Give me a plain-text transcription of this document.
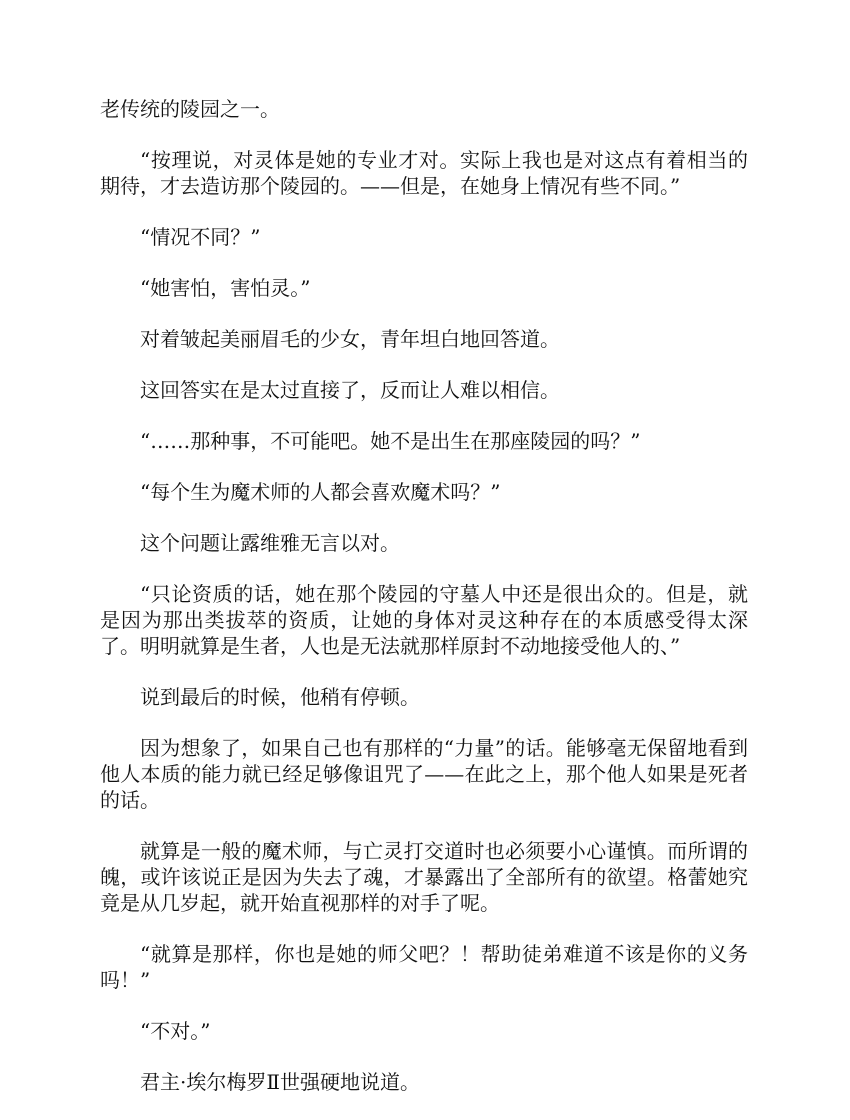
老传统的陵园之一。

“按理说，对灵体是她的专业才对。实际上我也是对这点有着相当的期待，才去造访那个陵园的。——但是，在她身上情况有些不同。”

“情况不同？”

“她害怕，害怕灵。”

对着皱起美丽眉毛的少女，青年坦白地回答道。

这回答实在是太过直接了，反而让人难以相信。

“……那种事，不可能吧。她不是出生在那座陵园的吗？”

“每个生为魔术师的人都会喜欢魔术吗？”

这个问题让露维雅无言以对。

“只论资质的话，她在那个陵园的守墓人中还是很出众的。但是，就是因为那出类拔萃的资质，让她的身体对灵这种存在的本质感受得太深了。明明就算是生者，人也是无法就那样原封不动地接受他人的、”

说到最后的时候，他稍有停顿。

因为想象了，如果自己也有那样的“力量”的话。能够毫无保留地看到他人本质的能力就已经足够像诅咒了——在此之上，那个他人如果是死者的话。

就算是一般的魔术师，与亡灵打交道时也必须要小心谨慎。而所谓的魄，或许该说正是因为失去了魂，才暴露出了全部所有的欲望。格蕾她究竟是从几岁起，就开始直视那样的对手了呢。

“就算是那样，你也是她的师父吧？！帮助徒弟难道不该是你的义务吗！”

“不对。”

君主·埃尔梅罗Ⅱ世强硬地说道。
